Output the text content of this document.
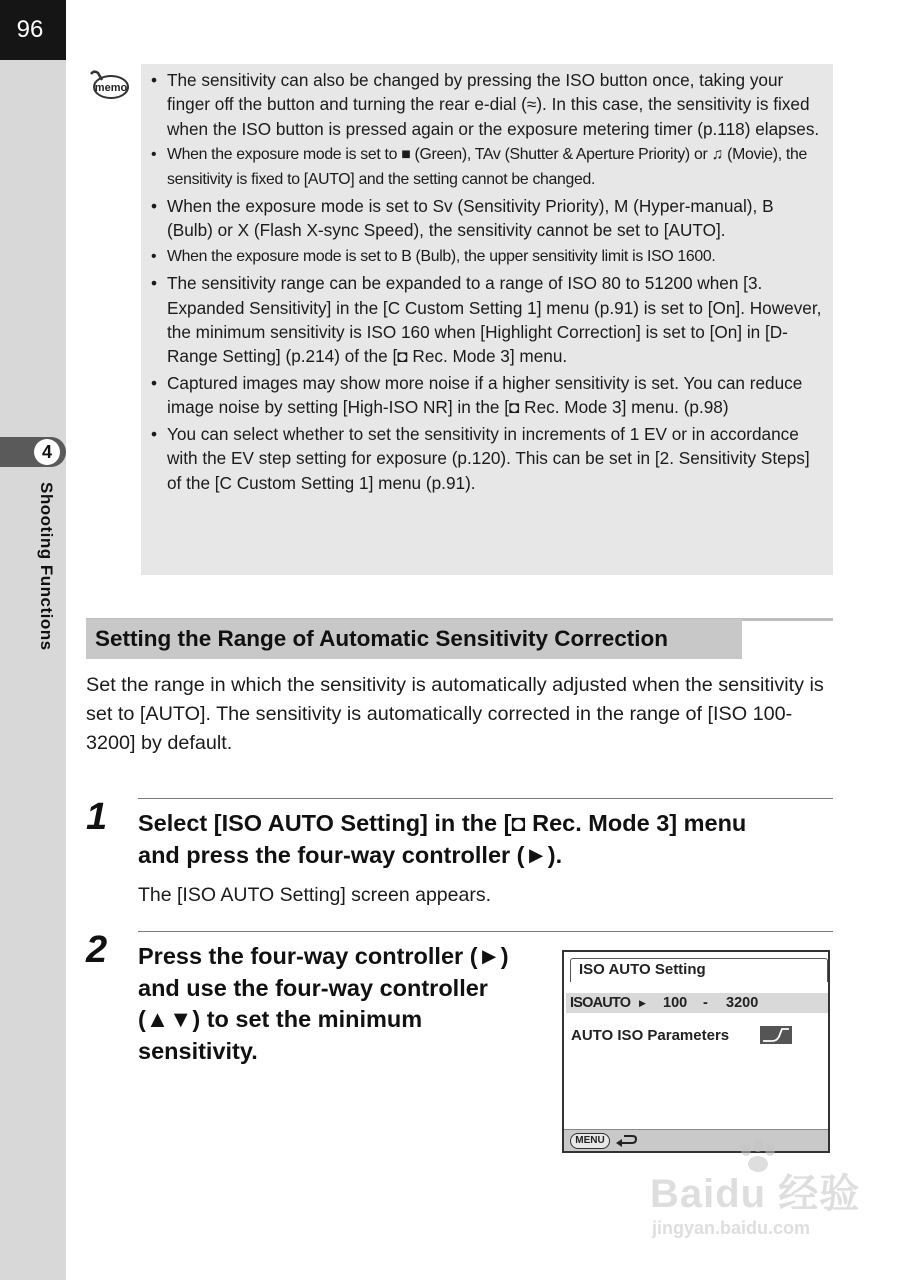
96
4
Shooting Functions
memo
•	The sensitivity can also be changed by pressing the ISO button once, taking your finger off the button and turning the rear e-dial (≈). In this case, the sensitivity is fixed when the ISO button is pressed again or the exposure metering timer (p.118) elapses.
• When the exposure mode is set to ■ (Green), TAv (Shutter & Aperture Priority) or ♫ (Movie), the sensitivity is fixed to [AUTO] and the setting cannot be changed.
• When the exposure mode is set to Sv (Sensitivity Priority), M (Hyper-manual), B (Bulb) or X (Flash X-sync Speed), the sensitivity cannot be set to [AUTO].
• When the exposure mode is set to B (Bulb), the upper sensitivity limit is ISO 1600.
• The sensitivity range can be expanded to a range of ISO 80 to 51200 when [3. Expanded Sensitivity] in the [C Custom Setting 1] menu (p.91) is set to [On]. However, the minimum sensitivity is ISO 160 when [Highlight Correction] is set to [On] in [D-Range Setting] (p.214) of the [◘ Rec. Mode 3] menu.
• Captured images may show more noise if a higher sensitivity is set. You can reduce image noise by setting [High-ISO NR] in the [◘ Rec. Mode 3] menu. (p.98)
• You can select whether to set the sensitivity in increments of 1 EV or in accordance with the EV step setting for exposure (p.120). This can be set in [2. Sensitivity Steps] of the [C Custom Setting 1] menu (p.91).
Setting the Range of Automatic Sensitivity Correction

Set the range in which the sensitivity is automatically adjusted when the sensitivity is set to [AUTO]. The sensitivity is automatically corrected in the range of [ISO 100-3200] by default.

1 Select [ISO AUTO Setting] in the [◘ Rec. Mode 3] menu
and press the four-way controller (►).
The [ISO AUTO Setting] screen appears.
2 Press the four-way controller (►)
and use the four-way controller
(▲▼) to set the minimum
sensitivity.
ISO AUTO Setting
ISOAUTO ▶ 100 - 3200
AUTO ISO Parameters
MENU
Baidu 经验
jingyan.baidu.com
